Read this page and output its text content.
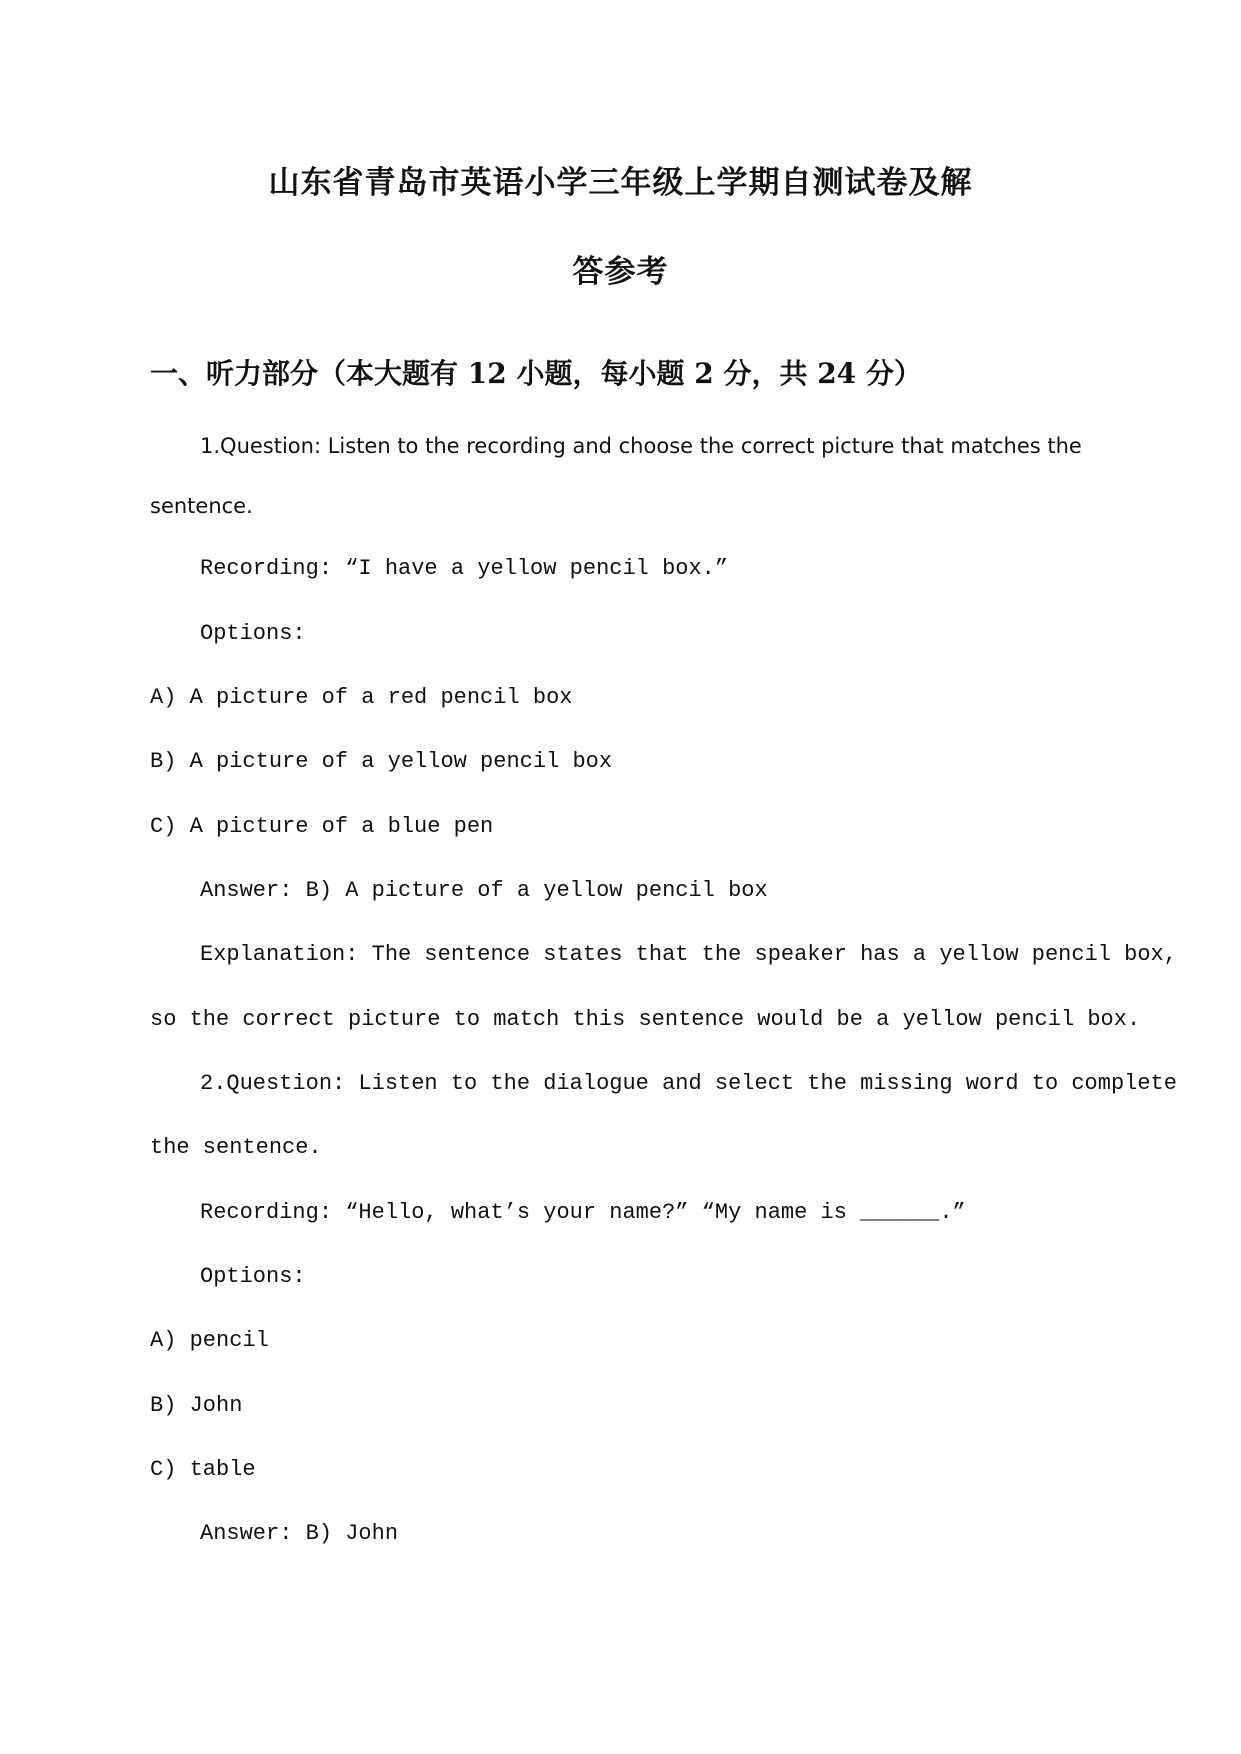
山东省青岛市英语小学三年级上学期自测试卷及解
答参考
一、听力部分（本大题有 12 小题，每小题 2 分，共 24 分）

1.Question: Listen to the recording and choose the correct picture that matches the

sentence.

Recording: “I have a yellow pencil box.”

Options:

A) A picture of a red pencil box

B) A picture of a yellow pencil box

C) A picture of a blue pen

Answer: B) A picture of a yellow pencil box

Explanation: The sentence states that the speaker has a yellow pencil box,

so the correct picture to match this sentence would be a yellow pencil box.

2.Question: Listen to the dialogue and select the missing word to complete

the sentence.

Recording: “Hello, what’s your name?” “My name is ______.”

Options:

A) pencil

B) John

C) table

Answer: B) John
